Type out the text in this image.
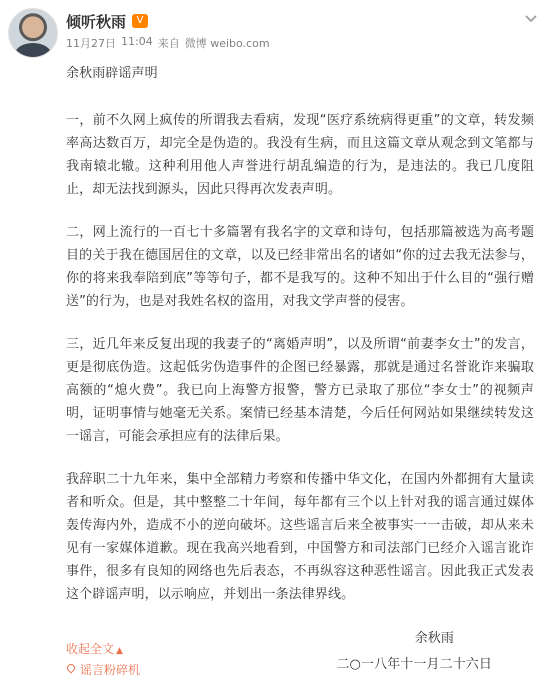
倾听秋雨	V
11月27日 11:04 来自 微博 weibo.com

余秋雨辟谣声明

一，前不久网上疯传的所谓我去看病，发现“医疗系统病得更重”的文章，转发频率高达数百万，却完全是伪造的。我没有生病，而且这篇文章从观念到文笔都与我南辕北辙。这种利用他人声誉进行胡乱编造的行为，是违法的。我已几度阻止，却无法找到源头，因此只得再次发表声明。

二，网上流行的一百七十多篇署有我名字的文章和诗句，包括那篇被选为高考题目的关于我在德国居住的文章，以及已经非常出名的诸如“你的过去我无法参与，你的将来我奉陪到底”等等句子，都不是我写的。这种不知出于什么目的“强行赠送”的行为，也是对我姓名权的盗用，对我文学声誉的侵害。

三，近几年来反复出现的我妻子的“离婚声明”，以及所谓“前妻李女士”的发言，更是彻底伪造。这起低劣伪造事件的企图已经暴露，那就是通过名誉讹诈来骗取高额的“熄火费”。我已向上海警方报警，警方已录取了那位“李女士”的视频声明，证明事情与她毫无关系。案情已经基本清楚，今后任何网站如果继续转发这一谣言，可能会承担应有的法律后果。

我辞职二十九年来，集中全部精力考察和传播中华文化，在国内外都拥有大量读者和听众。但是，其中整整二十年间，每年都有三个以上针对我的谣言通过媒体轰传海内外，造成不小的逆向破坏。这些谣言后来全被事实一一击破，却从来未见有一家媒体道歉。现在我高兴地看到，中国警方和司法部门已经介入谣言讹诈事件，很多有良知的网络也先后表态，不再纵容这种恶性谣言。因此我正式发表这个辟谣声明，以示响应，并划出一条法律界线。

余秋雨
二○一八年十一月二十六日
收起全文 ▲
谣言粉碎机
